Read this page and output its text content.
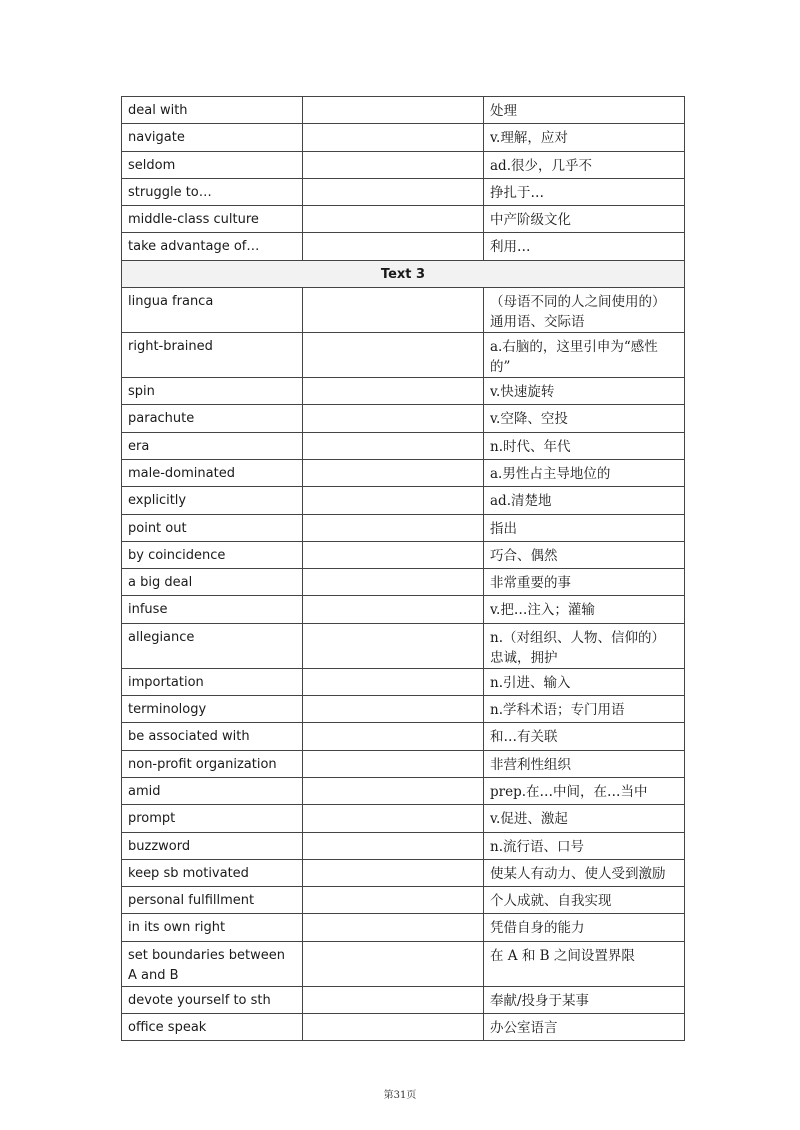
deal with		处理
navigate		v.理解，应对
seldom		ad.很少，几乎不
struggle to…		挣扎于…
middle-class culture		中产阶级文化
take advantage of…		利用…
Text 3		
lingua franca		（母语不同的人之间使用的）通用语、交际语
right-brained		a.右脑的，这里引申为“感性的”
spin		v.快速旋转
parachute		v.空降、空投
era		n.时代、年代
male-dominated		a.男性占主导地位的
explicitly		ad.清楚地
point out		指出
by coincidence		巧合、偶然
a big deal		非常重要的事
infuse		v.把…注入；灌输
allegiance		n.（对组织、人物、信仰的）忠诚，拥护
importation		n.引进、输入
terminology		n.学科术语；专门用语
be associated with		和…有关联
non-profit organization		非营利性组织
amid		prep.在…中间，在…当中
prompt		v.促进、激起
buzzword		n.流行语、口号
keep sb motivated		使某人有动力、使人受到激励
personal fulfillment		个人成就、自我实现
in its own right		凭借自身的能力
set boundaries between A and B		在 A 和 B 之间设置界限
devote yourself to sth		奉献/投身于某事
office speak		办公室语言
第31页
